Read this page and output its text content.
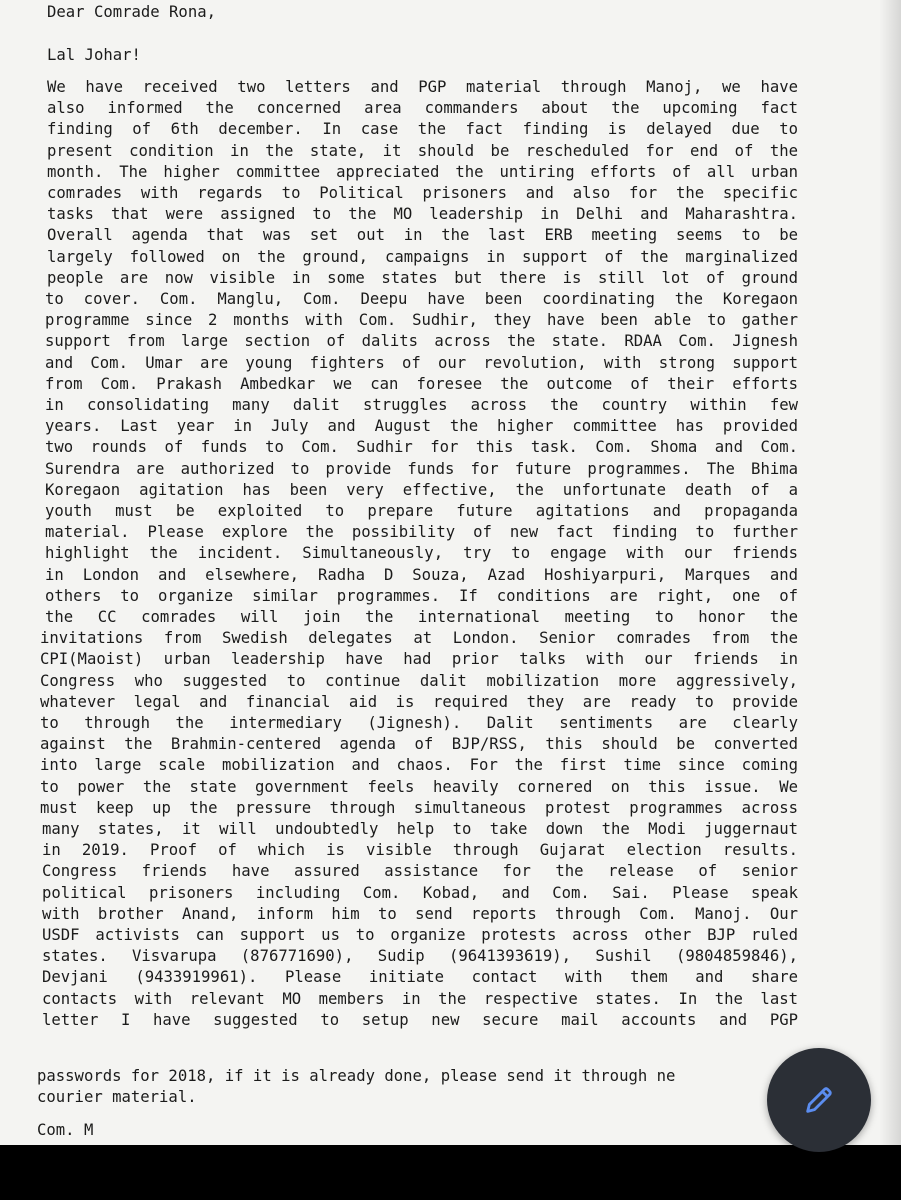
Dear Comrade Rona,
Lal Johar!
We have received two letters and PGP material through Manoj, we have
also informed the concerned area commanders about the upcoming fact
finding of 6th december. In case the fact finding is delayed due to
present condition in the state, it should be rescheduled for end of the
month. The higher committee appreciated the untiring efforts of all urban
comrades with regards to Political prisoners and also for the specific
tasks that were assigned to the MO leadership in Delhi and Maharashtra.
Overall agenda that was set out in the last ERB meeting seems to be
largely followed on the ground, campaigns in support of the marginalized
people are now visible in some states but there is still lot of ground
to cover. Com. Manglu, Com. Deepu have been coordinating the Koregaon
programme since 2 months with Com. Sudhir, they have been able to gather
support from large section of dalits across the state. RDAA Com. Jignesh
and Com. Umar are young fighters of our revolution, with strong support
from Com. Prakash Ambedkar we can foresee the outcome of their efforts
in consolidating many dalit struggles across the country within few
years. Last year in July and August the higher committee has provided
two rounds of funds to Com. Sudhir for this task. Com. Shoma and Com.
Surendra are authorized to provide funds for future programmes. The Bhima
Koregaon agitation has been very effective, the unfortunate death of a
youth must be exploited to prepare future agitations and propaganda
material. Please explore the possibility of new fact finding to further
highlight the incident. Simultaneously, try to engage with our friends
in London and elsewhere, Radha D Souza, Azad Hoshiyarpuri, Marques and
others to organize similar programmes. If conditions are right, one of
the CC comrades will join the international meeting to honor the
invitations from Swedish delegates at London. Senior comrades from the
CPI(Maoist) urban leadership have had prior talks with our friends in
Congress who suggested to continue dalit mobilization more aggressively,
whatever legal and financial aid is required they are ready to provide
to through the intermediary (Jignesh). Dalit sentiments are clearly
against the Brahmin-centered agenda of BJP/RSS, this should be converted
into large scale mobilization and chaos. For the first time since coming
to power the state government feels heavily cornered on this issue. We
must keep up the pressure through simultaneous protest programmes across
many states, it will undoubtedly help to take down the Modi juggernaut
in 2019. Proof of which is visible through Gujarat election results.
Congress friends have assured assistance for the release of senior
political prisoners including Com. Kobad, and Com. Sai. Please speak
with brother Anand, inform him to send reports through Com. Manoj. Our
USDF activists can support us to organize protests across other BJP ruled
states. Visvarupa (876771690), Sudip (9641393619), Sushil (9804859846),
Devjani (9433919961). Please initiate contact with them and share
contacts with relevant MO members in the respective states. In the last
letter I have suggested to setup new secure mail accounts and PGP
passwords for 2018, if it is already done, please send it through ne
courier material.
Com. M
